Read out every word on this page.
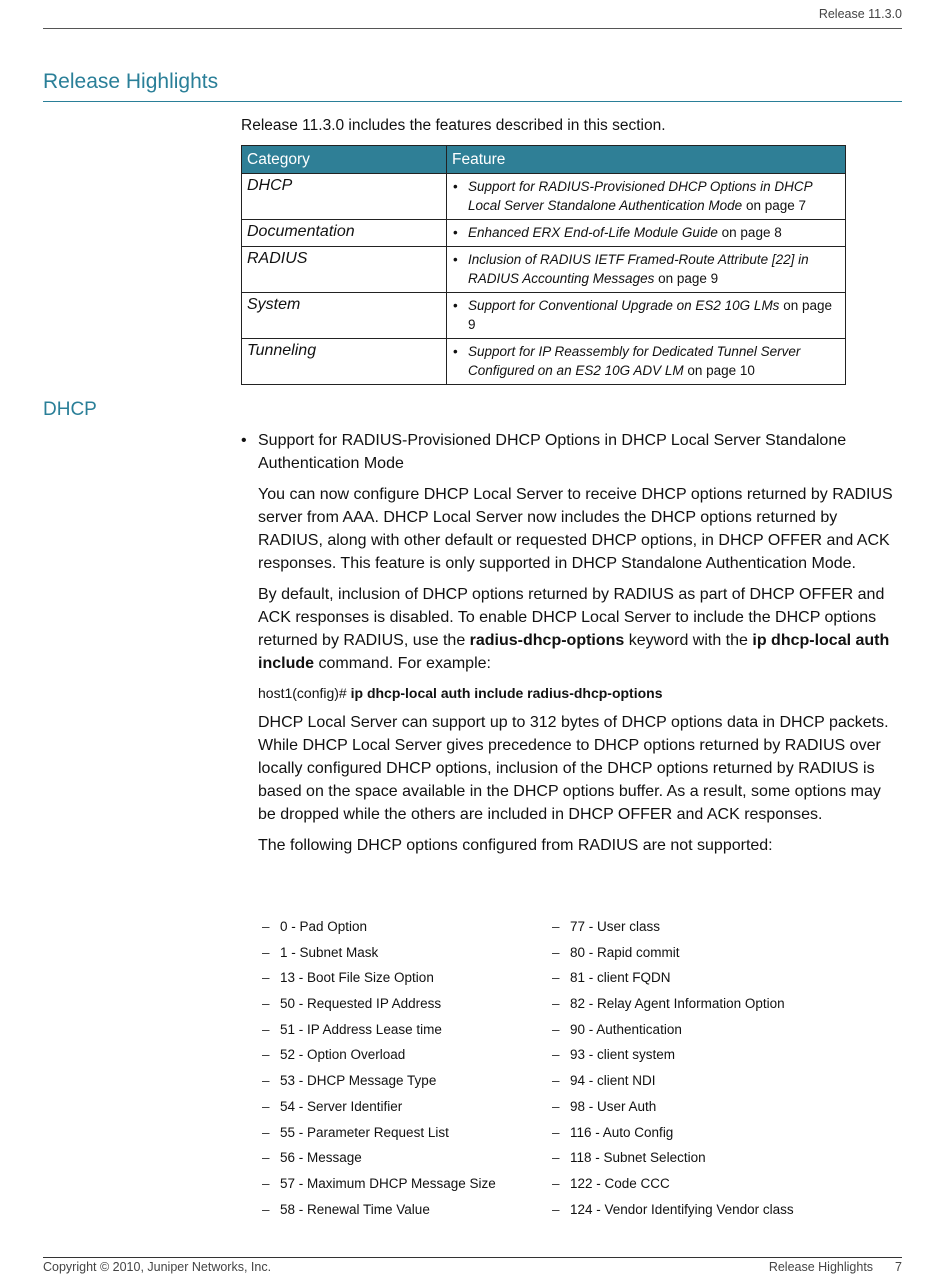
Release 11.3.0
Release Highlights

Release 11.3.0 includes the features described in this section.

Category	Feature
DHCP	• Support for RADIUS-Provisioned DHCP Options in DHCP Local Server Standalone Authentication Mode on page 7

Documentation	• Enhanced ERX End-of-Life Module Guide on page 8

RADIUS	• Inclusion of RADIUS IETF Framed-Route Attribute [22] in RADIUS Accounting Messages on page 9

System	• Support for Conventional Upgrade on ES2 10G LMs on page 9

Tunneling	• Support for IP Reassembly for Dedicated Tunnel Server Configured on an ES2 10G ADV LM on page 10
DHCP
• Support for RADIUS-Provisioned DHCP Options in DHCP Local Server Standalone Authentication Mode

You can now configure DHCP Local Server to receive DHCP options returned by RADIUS server from AAA. DHCP Local Server now includes the DHCP options returned by RADIUS, along with other default or requested DHCP options, in DHCP OFFER and ACK responses. This feature is only supported in DHCP Standalone Authentication Mode.

By default, inclusion of DHCP options returned by RADIUS as part of DHCP OFFER and ACK responses is disabled. To enable DHCP Local Server to include the DHCP options returned by RADIUS, use the radius-dhcp-options keyword with the ip dhcp-local auth include command. For example:

host1(config)# ip dhcp-local auth include radius-dhcp-options

DHCP Local Server can support up to 312 bytes of DHCP options data in DHCP packets. While DHCP Local Server gives precedence to DHCP options returned by RADIUS over locally configured DHCP options, inclusion of the DHCP options returned by RADIUS is based on the space available in the DHCP options buffer. As a result, some options may be dropped while the others are included in DHCP OFFER and ACK responses.

The following DHCP options configured from RADIUS are not supported:

– 0 - Pad Option
– 1 - Subnet Mask
– 13 - Boot File Size Option
– 50 - Requested IP Address
– 51 - IP Address Lease time
– 52 - Option Overload
– 53 - DHCP Message Type
– 54 - Server Identifier
– 55 - Parameter Request List
– 56 - Message
– 57 - Maximum DHCP Message Size
– 58 - Renewal Time Value
– 77 - User class
– 80 - Rapid commit
– 81 - client FQDN
– 82 - Relay Agent Information Option
– 90 - Authentication
– 93 - client system
– 94 - client NDI
– 98 - User Auth
– 116 - Auto Config
– 118 - Subnet Selection
– 122 - Code CCC
– 124 - Vendor Identifying Vendor class
Copyright © 2010, Juniper Networks, Inc.	Release Highlights 7
